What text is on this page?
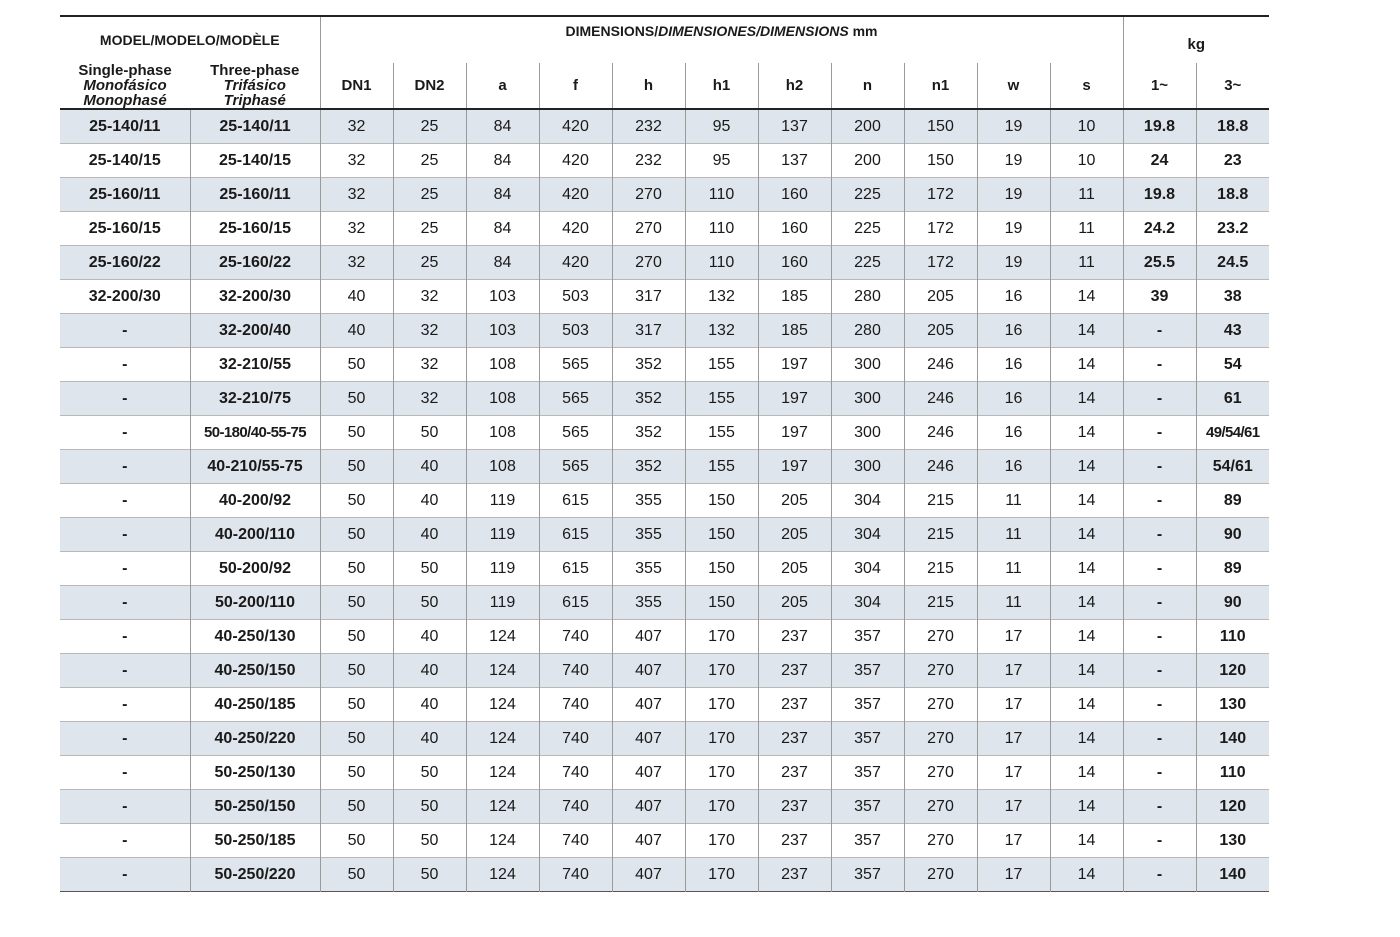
MODEL/MODELO/MODÈLE		DIMENSIONS/DIMENSIONES/DIMENSIONS mm											kg	
Single-phase
Monofásico
Monophasé	Three-phase
Trifásico
Triphasé	DN1	DN2	a	f	h	h1	h2	n	n1	w	s	1~	3~
25-140/11	25-140/11	32	25	84	420	232	95	137	200	150	19	10	19.8	18.8
25-140/15	25-140/15	32	25	84	420	232	95	137	200	150	19	10	24	23
25-160/11	25-160/11	32	25	84	420	270	110	160	225	172	19	11	19.8	18.8
25-160/15	25-160/15	32	25	84	420	270	110	160	225	172	19	11	24.2	23.2
25-160/22	25-160/22	32	25	84	420	270	110	160	225	172	19	11	25.5	24.5
32-200/30	32-200/30	40	32	103	503	317	132	185	280	205	16	14	39	38
-	32-200/40	40	32	103	503	317	132	185	280	205	16	14	-	43
-	32-210/55	50	32	108	565	352	155	197	300	246	16	14	-	54
-	32-210/75	50	32	108	565	352	155	197	300	246	16	14	-	61
-	50-180/40-55-75	50	50	108	565	352	155	197	300	246	16	14	-	49/54/61
-	40-210/55-75	50	40	108	565	352	155	197	300	246	16	14	-	54/61
-	40-200/92	50	40	119	615	355	150	205	304	215	11	14	-	89
-	40-200/110	50	40	119	615	355	150	205	304	215	11	14	-	90
-	50-200/92	50	50	119	615	355	150	205	304	215	11	14	-	89
-	50-200/110	50	50	119	615	355	150	205	304	215	11	14	-	90
-	40-250/130	50	40	124	740	407	170	237	357	270	17	14	-	110
-	40-250/150	50	40	124	740	407	170	237	357	270	17	14	-	120
-	40-250/185	50	40	124	740	407	170	237	357	270	17	14	-	130
-	40-250/220	50	40	124	740	407	170	237	357	270	17	14	-	140
-	50-250/130	50	50	124	740	407	170	237	357	270	17	14	-	110
-	50-250/150	50	50	124	740	407	170	237	357	270	17	14	-	120
-	50-250/185	50	50	124	740	407	170	237	357	270	17	14	-	130
-	50-250/220	50	50	124	740	407	170	237	357	270	17	14	-	140
